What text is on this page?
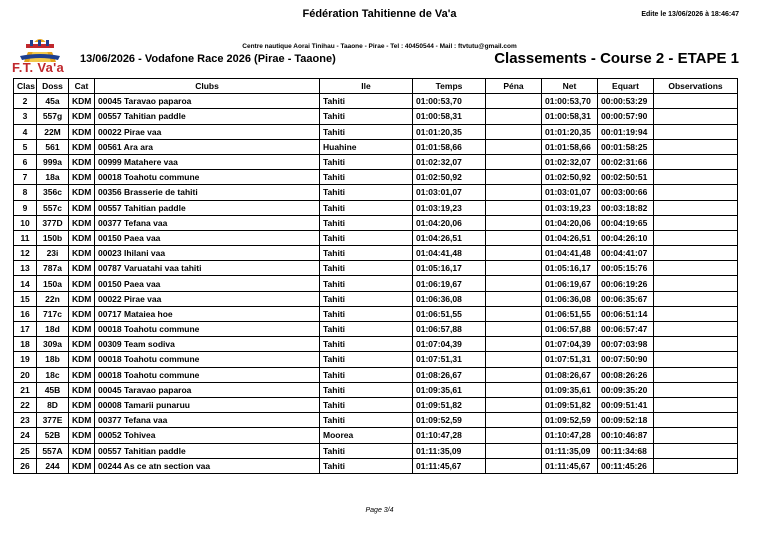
F.T. Va'a
Fédération Tahitienne de Va'a	Edite le 13/06/2026 à 18:46:47
Centre nautique Aorai Tinihau - Taaone - Pirae - Tel : 40450544 - Mail : ftvtutu@gmail.com
13/06/2026 - Vodafone Race 2026 (Pirae - Taaone)	Classements - Course 2 - ETAPE 1
Clas	Doss	Cat	Clubs	Ile	Temps	Péna	Net	Equart	Observations
2	45a	KDM	00045 Taravao paparoa	Tahiti	01:00:53,70		01:00:53,70	00:00:53:29	
3	557g	KDM	00557 Tahitian paddle	Tahiti	01:00:58,31		01:00:58,31	00:00:57:90	
4	22M	KDM	00022 Pirae vaa	Tahiti	01:01:20,35		01:01:20,35	00:01:19:94	
5	561	KDM	00561 Ara ara	Huahine	01:01:58,66		01:01:58,66	00:01:58:25	
6	999a	KDM	00999 Matahere vaa	Tahiti	01:02:32,07		01:02:32,07	00:02:31:66	
7	18a	KDM	00018 Toahotu commune	Tahiti	01:02:50,92		01:02:50,92	00:02:50:51	
8	356c	KDM	00356 Brasserie de tahiti	Tahiti	01:03:01,07		01:03:01,07	00:03:00:66	
9	557c	KDM	00557 Tahitian paddle	Tahiti	01:03:19,23		01:03:19,23	00:03:18:82	
10	377D	KDM	00377 Tefana vaa	Tahiti	01:04:20,06		01:04:20,06	00:04:19:65	
11	150b	KDM	00150 Paea vaa	Tahiti	01:04:26,51		01:04:26,51	00:04:26:10	
12	23i	KDM	00023 Ihilani vaa	Tahiti	01:04:41,48		01:04:41,48	00:04:41:07	
13	787a	KDM	00787 Varuatahi vaa tahiti	Tahiti	01:05:16,17		01:05:16,17	00:05:15:76	
14	150a	KDM	00150 Paea vaa	Tahiti	01:06:19,67		01:06:19,67	00:06:19:26	
15	22n	KDM	00022 Pirae vaa	Tahiti	01:06:36,08		01:06:36,08	00:06:35:67	
16	717c	KDM	00717 Mataiea hoe	Tahiti	01:06:51,55		01:06:51,55	00:06:51:14	
17	18d	KDM	00018 Toahotu commune	Tahiti	01:06:57,88		01:06:57,88	00:06:57:47	
18	309a	KDM	00309 Team sodiva	Tahiti	01:07:04,39		01:07:04,39	00:07:03:98	
19	18b	KDM	00018 Toahotu commune	Tahiti	01:07:51,31		01:07:51,31	00:07:50:90	
20	18c	KDM	00018 Toahotu commune	Tahiti	01:08:26,67		01:08:26,67	00:08:26:26	
21	45B	KDM	00045 Taravao paparoa	Tahiti	01:09:35,61		01:09:35,61	00:09:35:20	
22	8D	KDM	00008 Tamarii punaruu	Tahiti	01:09:51,82		01:09:51,82	00:09:51:41	
23	377E	KDM	00377 Tefana vaa	Tahiti	01:09:52,59		01:09:52,59	00:09:52:18	
24	52B	KDM	00052 Tohivea	Moorea	01:10:47,28		01:10:47,28	00:10:46:87	
25	557A	KDM	00557 Tahitian paddle	Tahiti	01:11:35,09		01:11:35,09	00:11:34:68	
26	244	KDM	00244 As ce atn section vaa	Tahiti	01:11:45,67		01:11:45,67	00:11:45:26	
Page 3/4
